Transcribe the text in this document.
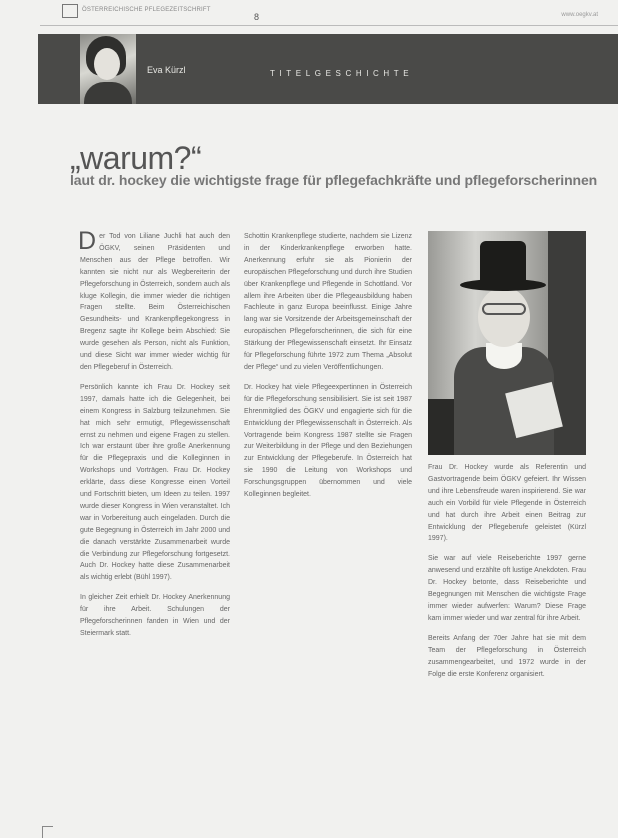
ÖSTERREICHISCHE PFLEGEZEITSCHRIFT
8	www.oegkv.at
Eva Kürzl	TITELGESCHICHTE
„warum?“
laut dr. hockey die wichtigste frage für pflegefachkräfte und pflegeforscherinnen

Der Tod von Liliane Juchli hat auch den ÖGKV, seinen Präsidenten und Menschen aus der Pflege betroffen. Wir kannten sie nicht nur als Wegbereiterin der Pflegeforschung in Österreich, sondern auch als kluge Kollegin, die immer wieder die richtigen Fragen stellte. Beim Österreichischen Gesundheits- und Krankenpflegekongress in Bregenz sagte ihr Kollege beim Abschied: Sie wurde gesehen als Person, nicht als Funktion, und diese Sicht war immer wieder wichtig für den Pflegeberuf in Österreich.

Persönlich kannte ich Frau Dr. Hockey seit 1997, damals hatte ich die Gelegenheit, bei einem Kongress in Salzburg teilzunehmen. Sie hat mich sehr ermutigt, Pflegewissenschaft ernst zu nehmen und eigene Fragen zu stellen. Ich war erstaunt über ihre große Anerkennung für die Pflegepraxis und die Kolleginnen in Workshops und Vorträgen. Frau Dr. Hockey erklärte, dass diese Kongresse einen Vorteil und Fortschritt bieten, um Ideen zu teilen. 1997 wurde dieser Kongress in Wien veranstaltet. Ich war in Vorbereitung auch eingeladen. Durch die gute Begegnung in Österreich im Jahr 2000 und die danach verstärkte Zusammenarbeit wurde die Verbindung zur Pflegeforschung fortgesetzt. Auch Dr. Hockey hatte diese Zusammenarbeit als wichtig erlebt (Bühl 1997).

In gleicher Zeit erhielt Dr. Hockey Anerkennung für ihre Arbeit. Schulungen der Pflegeforscherinnen fanden in Wien und der Steiermark statt.

Schottin Krankenpflege studierte, nachdem sie Lizenz in der Kinderkrankenpflege erworben hatte. Anerkennung erfuhr sie als Pionierin der europäischen Pflegeforschung und durch ihre Studien über Krankenpflege und Pflegende in Schottland. Vor allem ihre Arbeiten über die Pflegeausbildung haben Fachleute in ganz Europa beeinflusst. Einige Jahre lang war sie Vorsitzende der Arbeitsgemeinschaft der europäischen Pflegeforscherinnen, die sich für eine Stärkung der Pflegewissenschaft einsetzt. Ihr Einsatz für Pflegeforschung führte 1972 zum Thema „Absolut der Pflege“ und zu vielen Veröffentlichungen.

Dr. Hockey hat viele Pflegeexpertinnen in Österreich für die Pflegeforschung sensibilisiert. Sie ist seit 1987 Ehrenmitglied des ÖGKV und engagierte sich für die Entwicklung der Pflegewissenschaft in Österreich. Als Vortragende beim Kongress 1987 stellte sie Fragen zur Weiterbildung in der Pflege und den Beziehungen zur Entwicklung der Pflegeberufe. In Österreich hat sie 1990 die Leitung von Workshops und Forschungsgruppen übernommen und viele Kolleginnen begleitet.

Frau Dr. Hockey wurde als Referentin und Gastvortragende beim ÖGKV gefeiert. Ihr Wissen und ihre Lebensfreude waren inspirierend. Sie war auch ein Vorbild für viele Pflegende in Österreich und hat durch ihre Arbeit einen Beitrag zur Entwicklung der Pflegeberufe geleistet (Kürzl 1997).

Sie war auf viele Reiseberichte 1997 gerne anwesend und erzählte oft lustige Anekdoten. Frau Dr. Hockey betonte, dass Reiseberichte und Begegnungen mit Menschen die wichtigste Frage immer wieder aufwerfen: Warum? Diese Frage kam immer wieder und war zentral für ihre Arbeit.

Bereits Anfang der 70er Jahre hat sie mit dem Team der Pflegeforschung in Österreich zusammengearbeitet, und 1972 wurde in der Folge die erste Konferenz organisiert.
